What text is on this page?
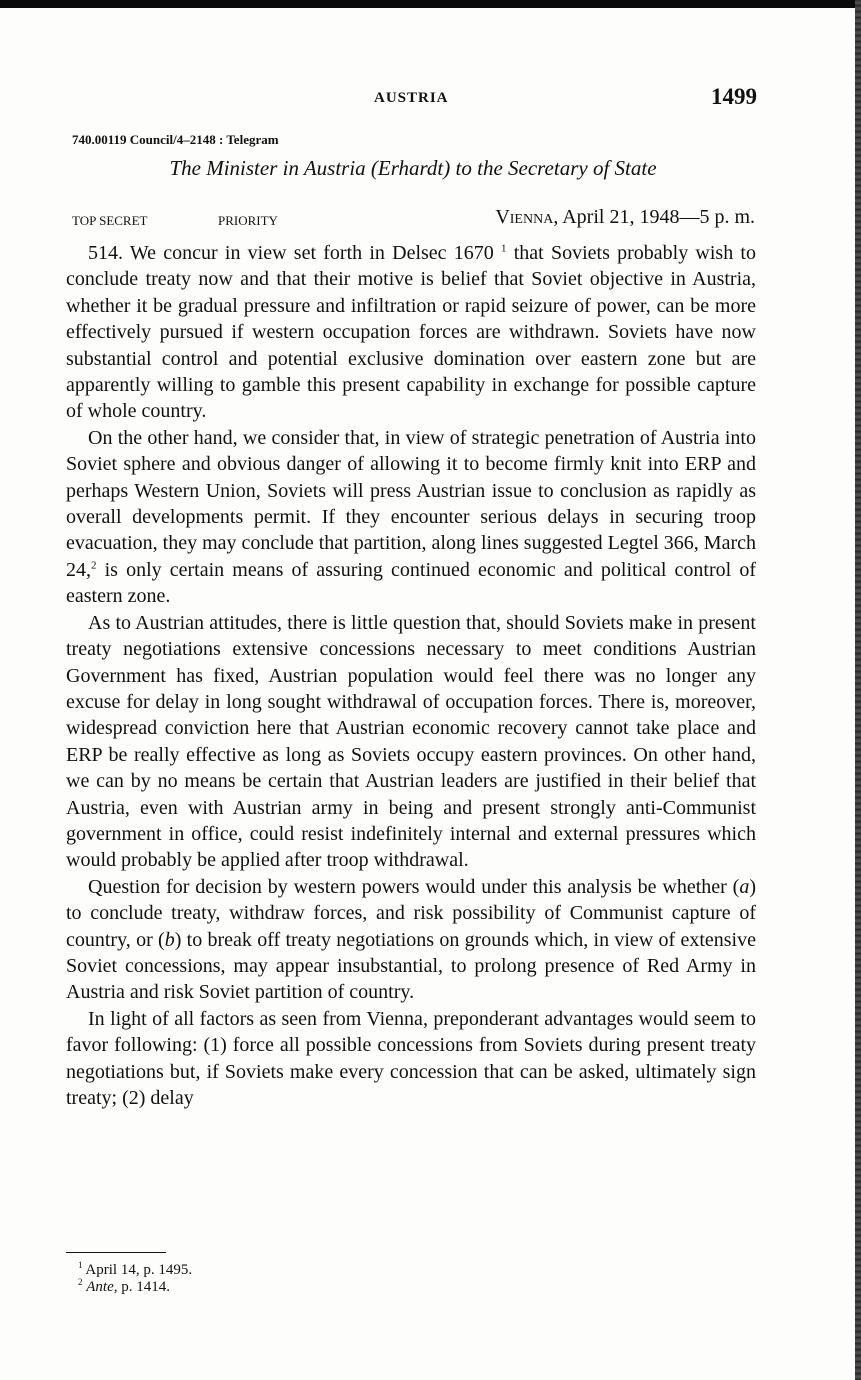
AUSTRIA	1499
740.00119 Council/4–2148 : Telegram
The Minister in Austria (Erhardt) to the Secretary of State
TOP SECRET	PRIORITY	Vienna, April 21, 1948—5 p. m.

514. We concur in view set forth in Delsec 1670 $^1$ that Soviets probably wish to conclude treaty now and that their motive is belief that Soviet objective in Austria, whether it be gradual pressure and infiltration or rapid seizure of power, can be more effectively pursued if western occupation forces are withdrawn. Soviets have now substantial control and potential exclusive domination over eastern zone but are apparently willing to gamble this present capability in exchange for possible capture of whole country.

On the other hand, we consider that, in view of strategic penetration of Austria into Soviet sphere and obvious danger of allowing it to become firmly knit into ERP and perhaps Western Union, Soviets will press Austrian issue to conclusion as rapidly as overall developments permit. If they encounter serious delays in securing troop evacuation, they may conclude that partition, along lines suggested Legtel 366, March 24,$^2$ is only certain means of assuring continued economic and political control of eastern zone.

As to Austrian attitudes, there is little question that, should Soviets make in present treaty negotiations extensive concessions necessary to meet conditions Austrian Government has fixed, Austrian population would feel there was no longer any excuse for delay in long sought withdrawal of occupation forces. There is, moreover, widespread conviction here that Austrian economic recovery cannot take place and ERP be really effective as long as Soviets occupy eastern provinces. On other hand, we can by no means be certain that Austrian leaders are justified in their belief that Austria, even with Austrian army in being and present strongly anti-Communist government in office, could resist indefinitely internal and external pressures which would probably be applied after troop withdrawal.

Question for decision by western powers would under this analysis be whether (a) to conclude treaty, withdraw forces, and risk possibility of Communist capture of country, or (b) to break off treaty negotiations on grounds which, in view of extensive Soviet concessions, may appear insubstantial, to prolong presence of Red Army in Austria and risk Soviet partition of country.

In light of all factors as seen from Vienna, preponderant advantages would seem to favor following: (1) force all possible concessions from Soviets during present treaty negotiations but, if Soviets make every concession that can be asked, ultimately sign treaty; (2) delay

$^1$ April 14, p. 1495.
$^2$ Ante, p. 1414.
